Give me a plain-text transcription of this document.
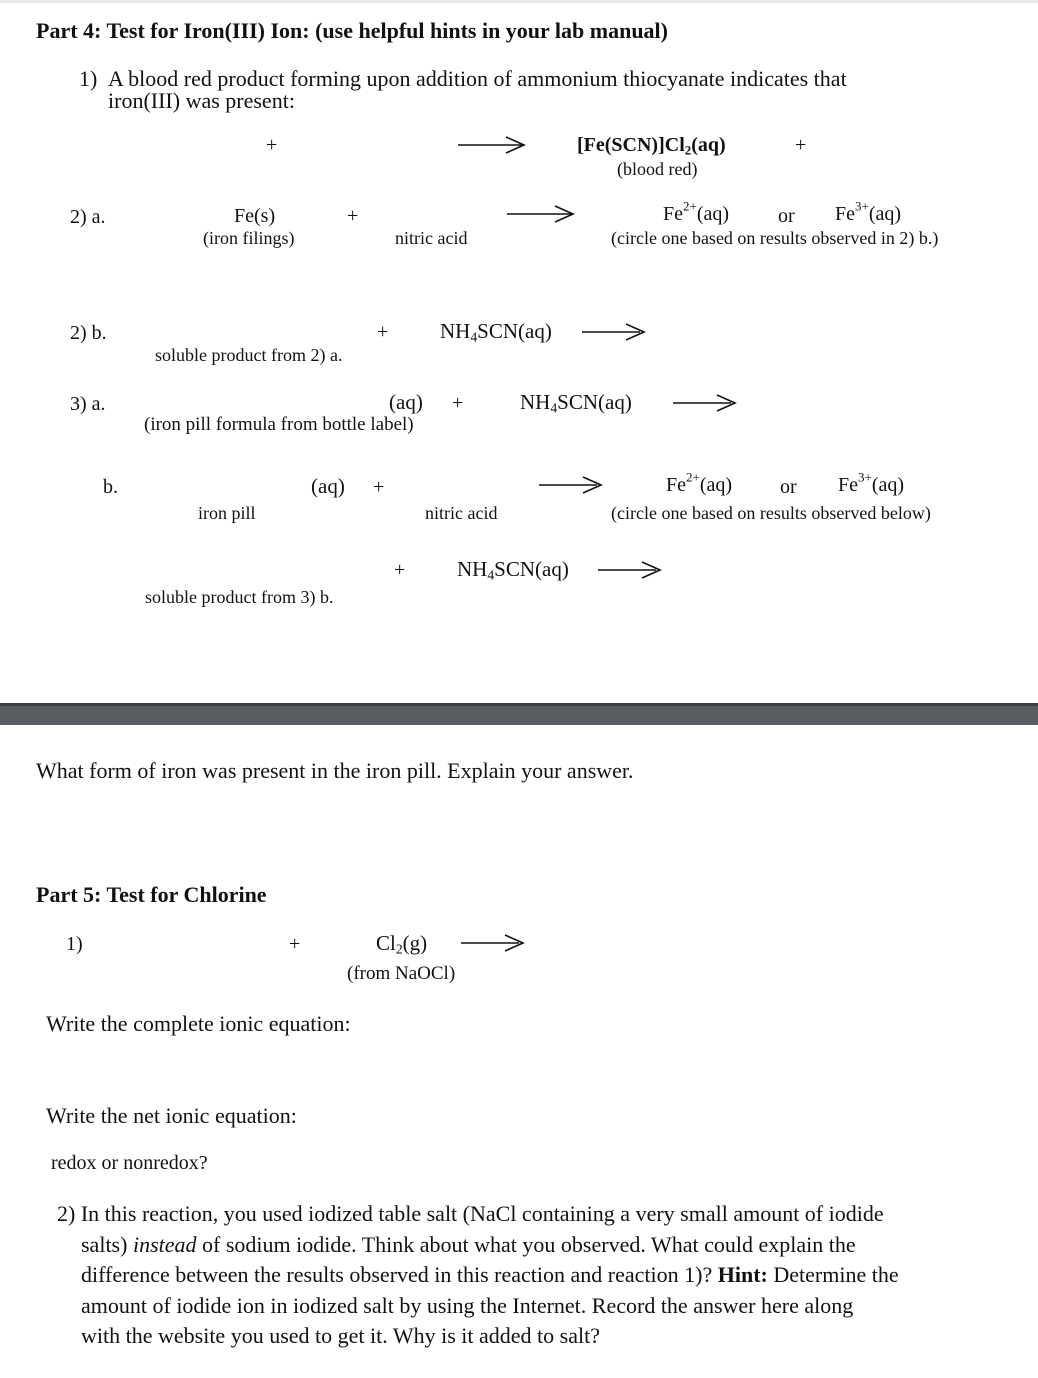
Part 4: Test for Iron(III) Ion: (use helpful hints in your lab manual)
1) A blood red product forming upon addition of ammonium thiocyanate indicates that
iron(III) was present:
+	$[Fe(SCN)]Cl_2(aq)$
(blood red)
+
2) a.	Fe(s)
(iron filings)
+
nitric acid
$Fe^{2+}(aq)$ or $Fe^{3+}(aq)$
(circle one based on results observed in 2) b.)
2) b.	+ $NH_4SCN(aq)$
soluble product from 2) a.
3) a.	(aq) +	$NH_4SCN(aq)$
(iron pill formula from bottle label)
b.	(aq) +
iron pill	nitric acid
$Fe^{2+}(aq)$ or $Fe^{3+}(aq)$
(circle one based on results observed below)
+ $NH_4SCN(aq)$
soluble product from 3) b.
What form of iron was present in the iron pill. Explain your answer.
Part 5: Test for Chlorine
1)	+	$Cl_2(g)$
(from NaOCl)
Write the complete ionic equation:
Write the net ionic equation:
redox or nonredox?
2) In this reaction, you used iodized table salt (NaCl containing a very small amount of iodide
salts) instead of sodium iodide. Think about what you observed. What could explain the
difference between the results observed in this reaction and reaction 1)? Hint: Determine the
amount of iodide ion in iodized salt by using the Internet. Record the answer here along
with the website you used to get it. Why is it added to salt?
